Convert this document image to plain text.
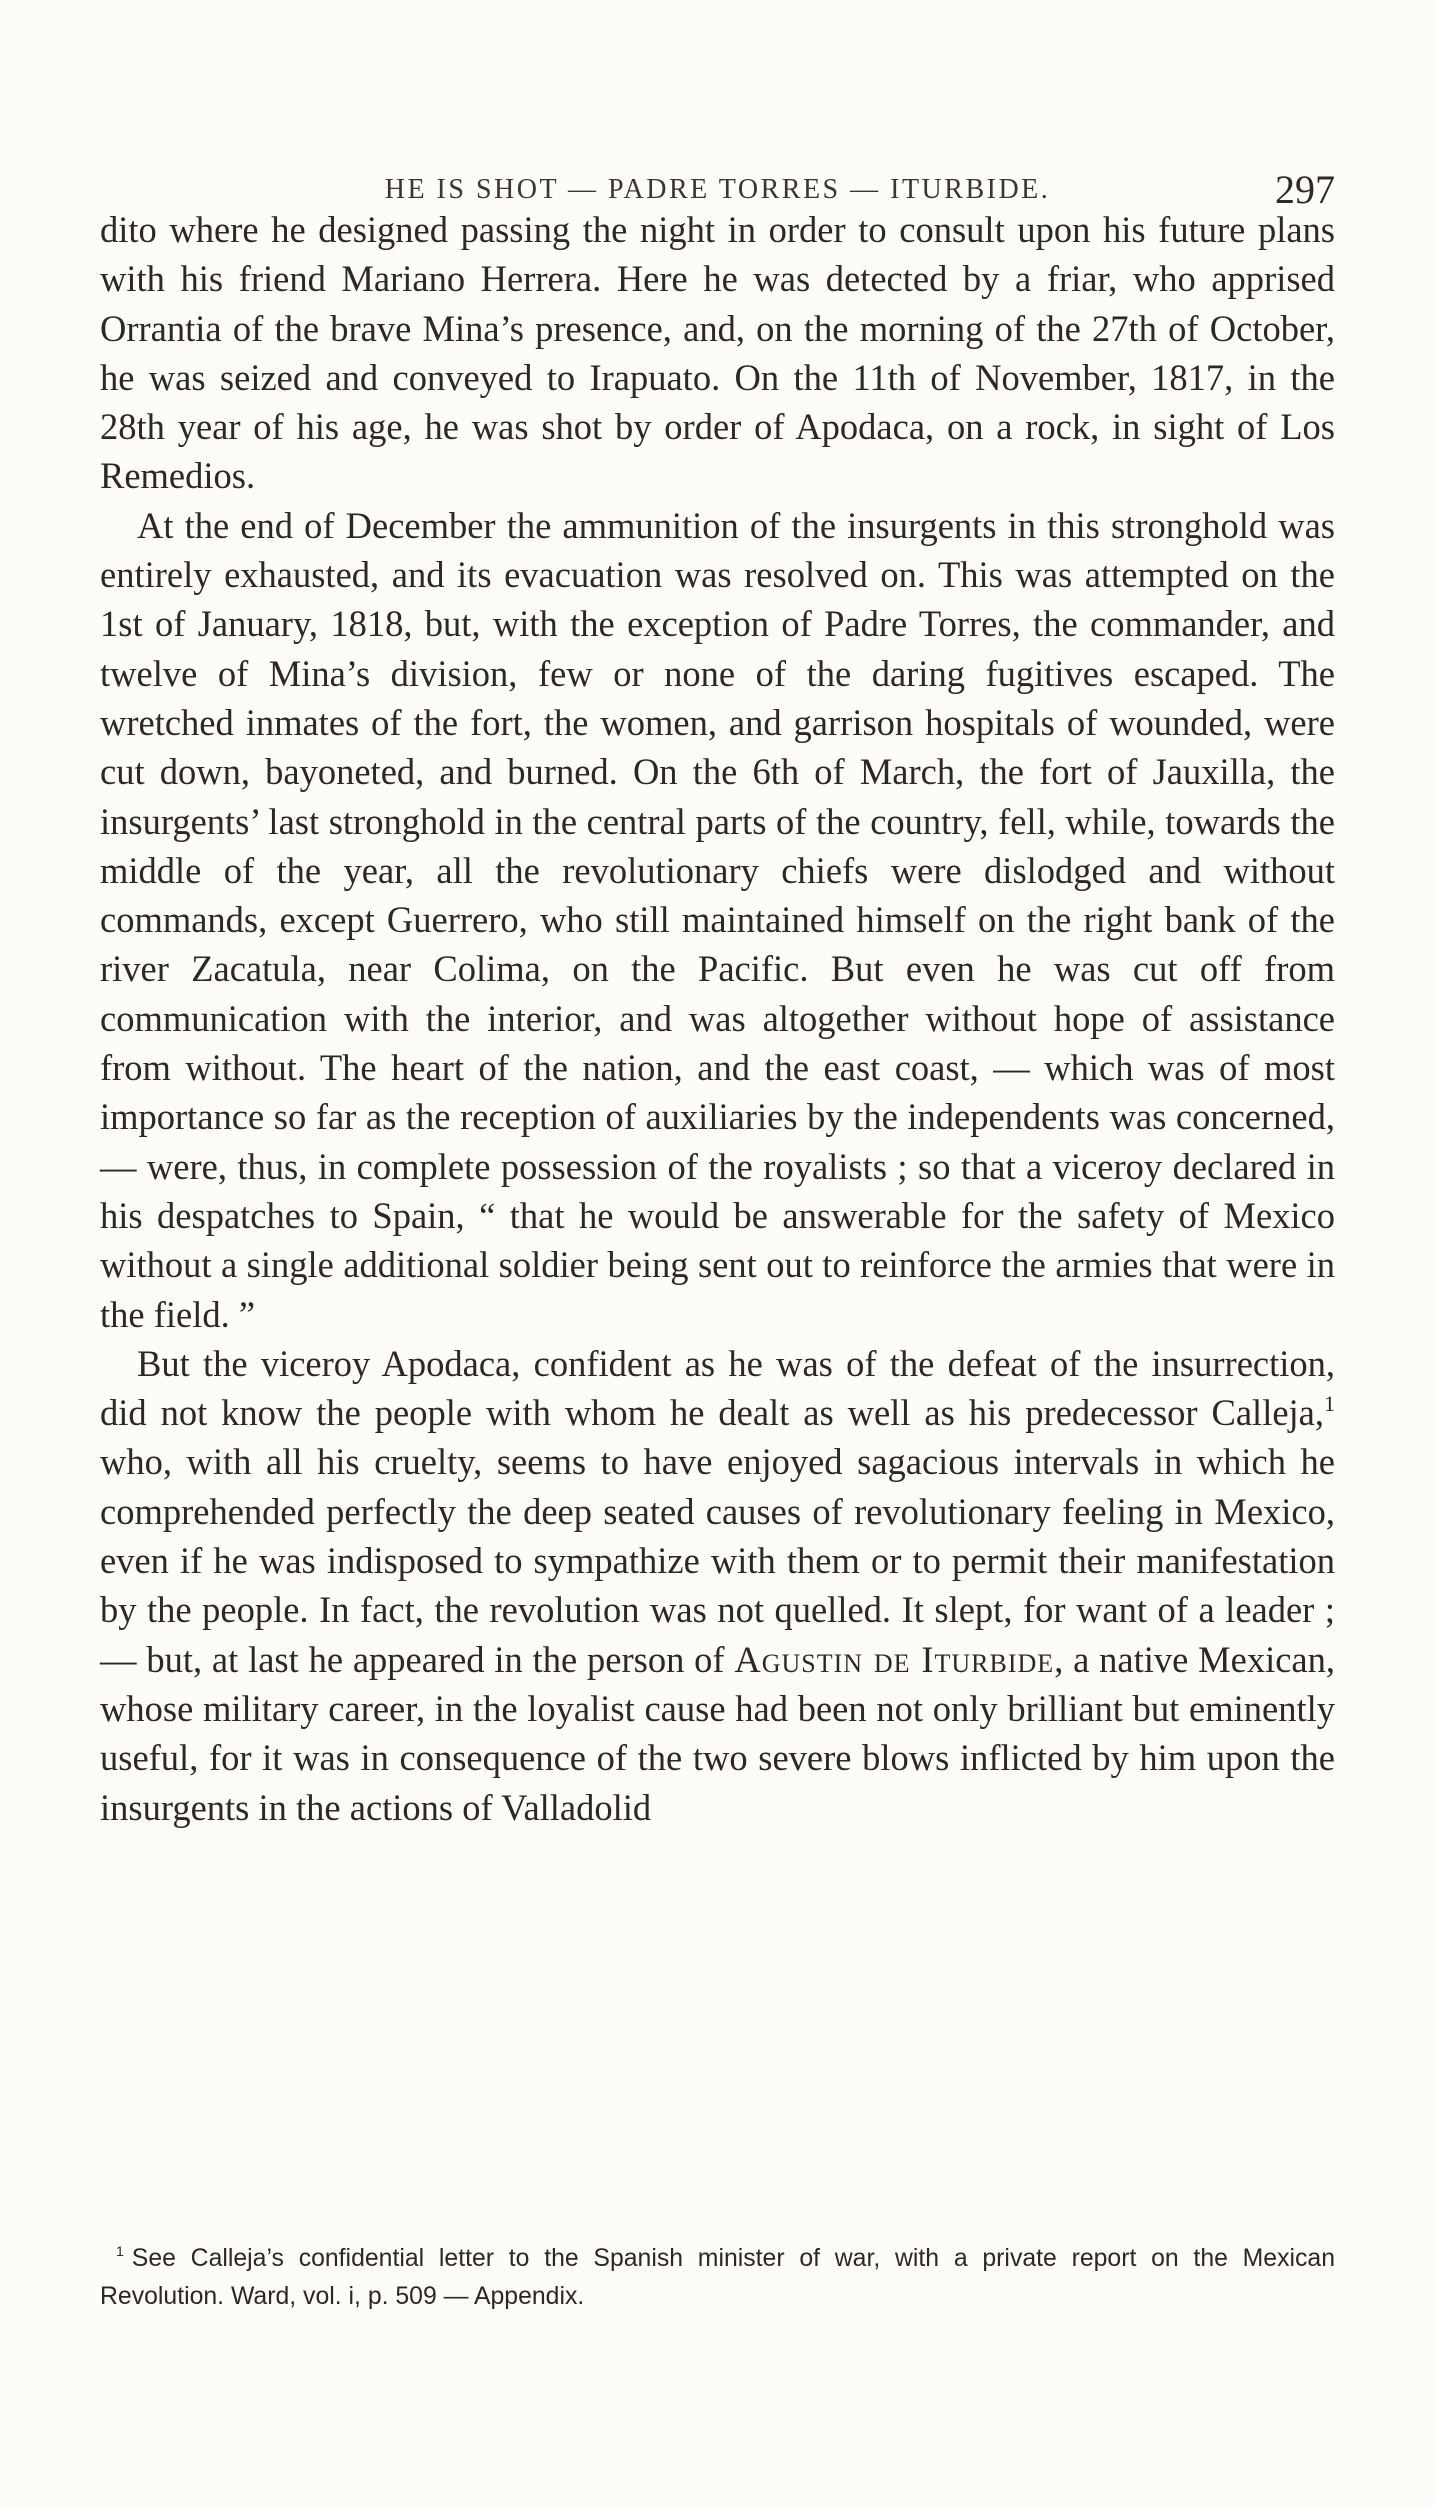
HE IS SHOT — PADRE TORRES — ITURBIDE.	297

dito where he designed passing the night in order to consult upon his future plans with his friend Mariano Herrera. Here he was detected by a friar, who apprised Orrantia of the brave Mina’s presence, and, on the morning of the 27th of October, he was seized and conveyed to Irapuato. On the 11th of November, 1817, in the 28th year of his age, he was shot by order of Apodaca, on a rock, in sight of Los Remedios.

At the end of December the ammunition of the insurgents in this stronghold was entirely exhausted, and its evacuation was resolved on. This was attempted on the 1st of January, 1818, but, with the exception of Padre Torres, the commander, and twelve of Mina’s division, few or none of the daring fugitives escaped. The wretched inmates of the fort, the women, and garrison hospitals of wounded, were cut down, bayoneted, and burned. On the 6th of March, the fort of Jauxilla, the insurgents’ last stronghold in the central parts of the country, fell, while, towards the middle of the year, all the revolutionary chiefs were dislodged and without commands, except Guerrero, who still maintained himself on the right bank of the river Zacatula, near Colima, on the Pacific. But even he was cut off from communication with the interior, and was altogether without hope of assistance from without. The heart of the nation, and the east coast, — which was of most importance so far as the reception of auxiliaries by the independents was concerned, — were, thus, in complete possession of the royalists ; so that a viceroy declared in his despatches to Spain, “ that he would be answerable for the safety of Mexico without a single additional soldier being sent out to reinforce the armies that were in the field. ”

But the viceroy Apodaca, confident as he was of the defeat of the insurrection, did not know the people with whom he dealt as well as his predecessor Calleja,$^1$ who, with all his cruelty, seems to have enjoyed sagacious intervals in which he comprehended perfectly the deep seated causes of revolutionary feeling in Mexico, even if he was indisposed to sympathize with them or to permit their manifestation by the people. In fact, the revolution was not quelled. It slept, for want of a leader ; — but, at last he appeared in the person of Agustin de Iturbide, a native Mexican, whose military career, in the loyalist cause had been not only brilliant but eminently useful, for it was in consequence of the two severe blows inflicted by him upon the insurgents in the actions of Valladolid

$^1$ See Calleja’s confidential letter to the Spanish minister of war, with a private report on the Mexican Revolution. Ward, vol. i, p. 509 — Appendix.
